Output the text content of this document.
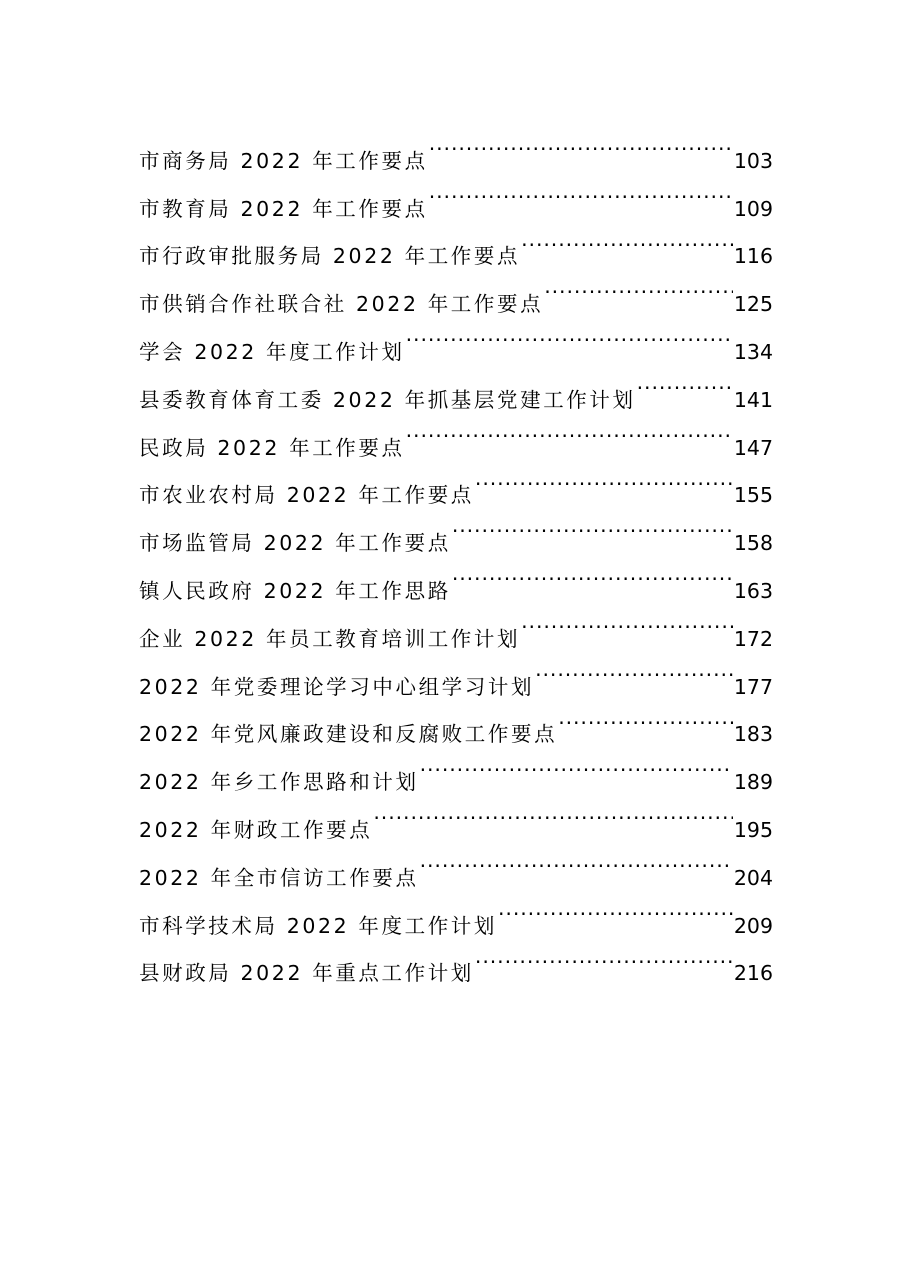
市商务局 2022 年工作要点 .....	103
市教育局 2022 年工作要点 .....	109
市行政审批服务局 2022 年工作要点 .....	116
市供销合作社联合社 2022 年工作要点 .....	125
学会 2022 年度工作计划 .....	134
县委教育体育工委 2022 年抓基层党建工作计划 .....	141
民政局 2022 年工作要点 .....	147
市农业农村局 2022 年工作要点 .....	155
市场监管局 2022 年工作要点 .....	158
镇人民政府 2022 年工作思路 .....	163
企业 2022 年员工教育培训工作计划 .....	172
2022 年党委理论学习中心组学习计划 .....	177
2022 年党风廉政建设和反腐败工作要点 .....	183
2022 年乡工作思路和计划 .....	189
2022 年财政工作要点 .....	195
2022 年全市信访工作要点 .....	204
市科学技术局 2022 年度工作计划 .....	209
县财政局 2022 年重点工作计划 .....	216
